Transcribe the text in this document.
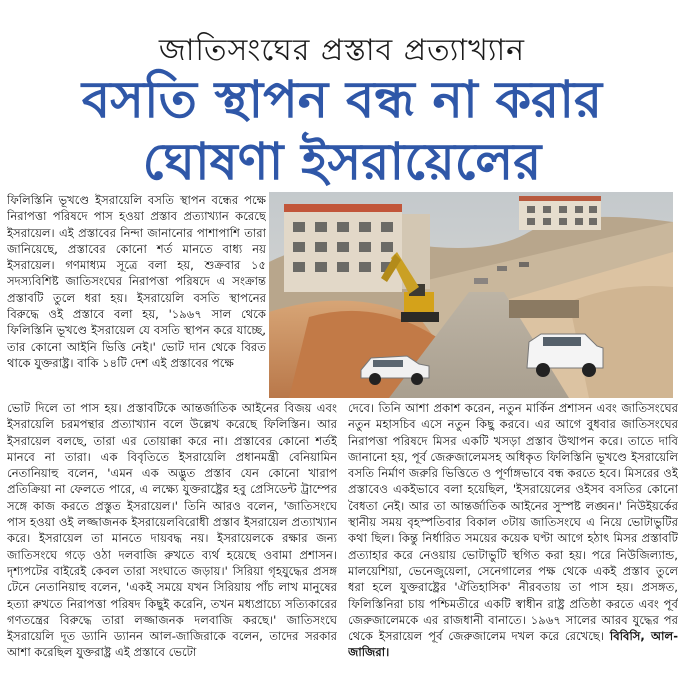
জাতিসংঘের প্রস্তাব প্রত্যাখ্যান
বসতি স্থাপন বন্ধ না করার
ঘোষণা ইসরায়েলের

ফিলিস্তিনি ভূখণ্ডে ইসরায়েলি বসতি স্থাপন বন্ধের পক্ষে নিরাপত্তা পরিষদে পাস হওয়া প্রস্তাব প্রত্যাখ্যান করেছে ইসরায়েল। এই প্রস্তাবের নিন্দা জানানোর পাশাপাশি তারা জানিয়েছে, প্রস্তাবের কোনো শর্ত মানতে বাধ্য নয় ইসরায়েল। গণমাধ্যম সূত্রে বলা হয়, শুক্রবার ১৫ সদস্যবিশিষ্ট জাতিসংঘের নিরাপত্তা পরিষদে এ সংক্রান্ত প্রস্তাবটি তুলে ধরা হয়। ইসরায়েলি বসতি স্থাপনের বিরুদ্ধে ওই প্রস্তাবে বলা হয়, '১৯৬৭ সাল থেকে ফিলিস্তিনি ভূখণ্ডে ইসরায়েল যে বসতি স্থাপন করে যাচ্ছে, তার কোনো আইনি ভিত্তি নেই।' ভোট দান থেকে বিরত থাকে যুক্তরাষ্ট্র। বাকি ১৪টি দেশ এই প্রস্তাবের পক্ষে

ভোট দিলে তা পাস হয়। প্রস্তাবটিকে আন্তর্জাতিক আইনের বিজয় এবং ইসরায়েলি চরমপন্থার প্রত্যাখ্যান বলে উল্লেখ করেছে ফিলিস্তিন। আর ইসরায়েল বলছে, তারা এর তোয়াক্কা করে না। প্রস্তাবের কোনো শর্তই মানবে না তারা। এক বিবৃতিতে ইসরায়েলি প্রধানমন্ত্রী বেনিয়ামিন নেতানিয়াহু বলেন, 'এমন এক অদ্ভুত প্রস্তাব যেন কোনো খারাপ প্রতিক্রিয়া না ফেলতে পারে, এ লক্ষ্যে যুক্তরাষ্ট্রের হবু প্রেসিডেন্ট ট্রাম্পের সঙ্গে কাজ করতে প্রস্তুত ইসরায়েল।' তিনি আরও বলেন, 'জাতিসংঘে পাস হওয়া ওই লজ্জাজনক ইসরায়েলবিরোধী প্রস্তাব ইসরায়েল প্রত্যাখ্যান করে। ইসরায়েল তা মানতে দায়বদ্ধ নয়। ইসরায়েলকে রক্ষার জন্য জাতিসংঘে গড়ে ওঠা দলবাজি রুখতে ব্যর্থ হয়েছে ওবামা প্রশাসন। দৃশ্যপটের বাইরেই কেবল তারা সংঘাতে জড়ায়।' সিরিয়া গৃহযুদ্ধের প্রসঙ্গ টেনে নেতানিয়াহু বলেন, 'একই সময়ে যখন সিরিয়ায় পাঁচ লাখ মানুষের হত্যা রুখতে নিরাপত্তা পরিষদ কিছুই করেনি, তখন মধ্যপ্রাচ্যে সত্যিকারের গণতন্ত্রের বিরুদ্ধে তারা লজ্জাজনক দলবাজি করছে।' জাতিসংঘে ইসরায়েলি দূত ড্যানি ড্যানন আল-জাজিরাকে বলেন, তাদের সরকার আশা করেছিল যুক্তরাষ্ট্র এই প্রস্তাবে ভেটো

দেবে। তিনি আশা প্রকাশ করেন, নতুন মার্কিন প্রশাসন এবং জাতিসংঘের নতুন মহাসচিব এসে নতুন কিছু করবে। এর আগে বুধবার জাতিসংঘের নিরাপত্তা পরিষদে মিসর একটি খসড়া প্রস্তাব উত্থাপন করে। তাতে দাবি জানানো হয়, পূর্ব জেরুজালেমসহ অধিকৃত ফিলিস্তিনি ভূখণ্ডে ইসরায়েলি বসতি নির্মাণ জরুরি ভিত্তিতে ও পূর্ণাঙ্গভাবে বন্ধ করতে হবে। মিসরের ওই প্রস্তাবেও একইভাবে বলা হয়েছিল, 'ইসরায়েলের ওইসব বসতির কোনো বৈধতা নেই। আর তা আন্তর্জাতিক আইনের সুস্পষ্ট লঙ্ঘন।' নিউইয়র্কের স্থানীয় সময় বৃহস্পতিবার বিকাল ৩টায় জাতিসংঘে এ নিয়ে ভোটাভুটির কথা ছিল। কিন্তু নির্ধারিত সময়ের কয়েক ঘণ্টা আগে হঠাৎ মিসর প্রস্তাবটি প্রত্যাহার করে নেওয়ায় ভোটাভুটি স্থগিত করা হয়। পরে নিউজিল্যান্ড, মালয়েশিয়া, ভেনেজুয়েলা, সেনেগালের পক্ষ থেকে একই প্রস্তাব তুলে ধরা হলে যুক্তরাষ্ট্রের 'ঐতিহাসিক' নীরবতায় তা পাস হয়। প্রসঙ্গত, ফিলিস্তিনিরা চায় পশ্চিমতীরে একটি স্বাধীন রাষ্ট্র প্রতিষ্ঠা করতে এবং পূর্ব জেরুজালেমকে এর রাজধানী বানাতে। ১৯৬৭ সালের আরব যুদ্ধের পর থেকে ইসরায়েল পূর্ব জেরুজালেম দখল করে রেখেছে। বিবিসি, আল-জাজিরা।
